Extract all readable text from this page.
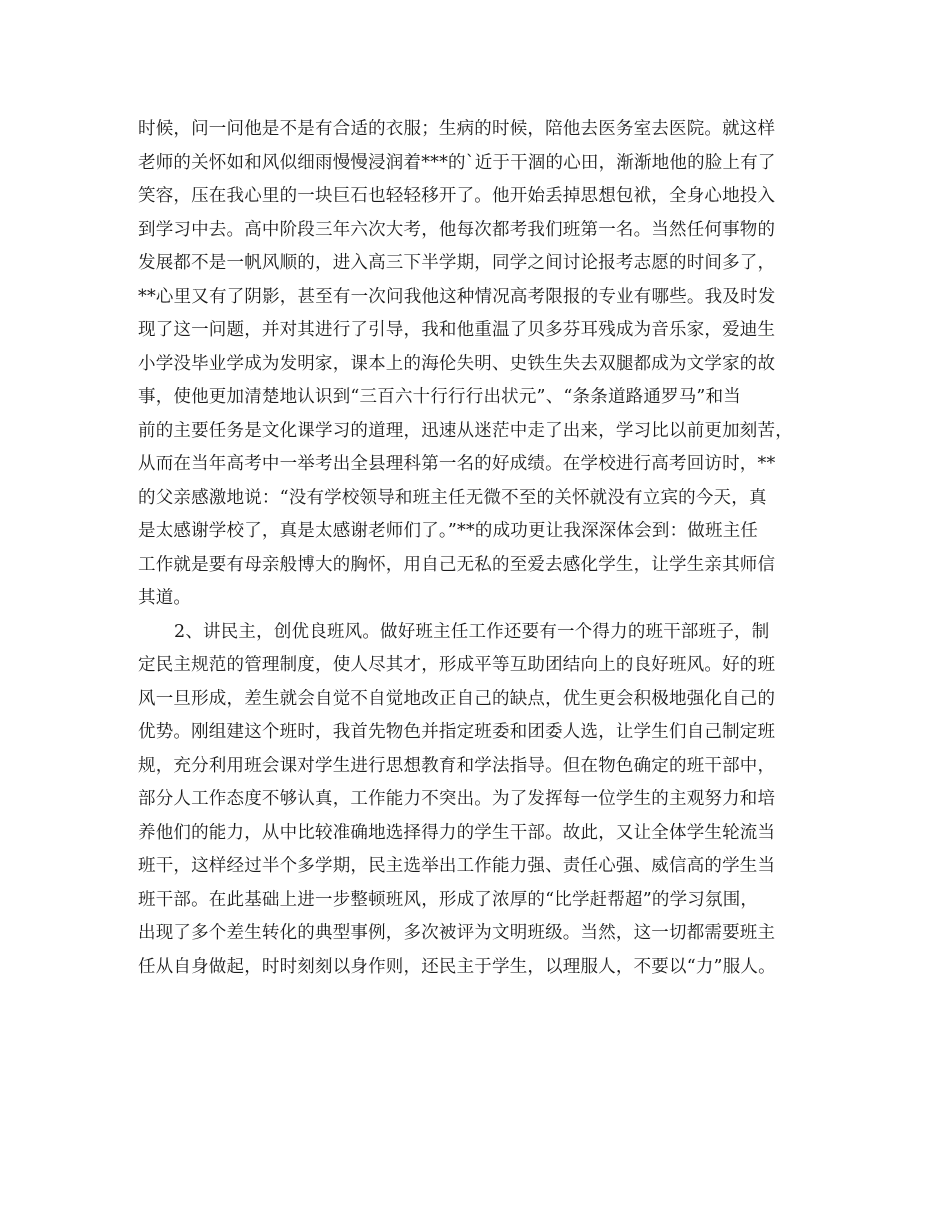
时候，问一问他是不是有合适的衣服；生病的时候，陪他去医务室去医院。就这样
老师的关怀如和风似细雨慢慢浸润着***的`近于干涸的心田，渐渐地他的脸上有了
笑容，压在我心里的一块巨石也轻轻移开了。他开始丢掉思想包袱，全身心地投入
到学习中去。高中阶段三年六次大考，他每次都考我们班第一名。当然任何事物的
发展都不是一帆风顺的，进入高三下半学期，同学之间讨论报考志愿的时间多了，
**心里又有了阴影，甚至有一次问我他这种情况高考限报的专业有哪些。我及时发
现了这一问题，并对其进行了引导，我和他重温了贝多芬耳残成为音乐家，爱迪生
小学没毕业学成为发明家，课本上的海伦失明、史铁生失去双腿都成为文学家的故
事，使他更加清楚地认识到“三百六十行行行出状元”、“条条道路通罗马”和当
前的主要任务是文化课学习的道理，迅速从迷茫中走了出来，学习比以前更加刻苦，
从而在当年高考中一举考出全县理科第一名的好成绩。在学校进行高考回访时，**
的父亲感激地说：“没有学校领导和班主任无微不至的关怀就没有立宾的今天，真
是太感谢学校了，真是太感谢老师们了。”**的成功更让我深深体会到：做班主任
工作就是要有母亲般博大的胸怀，用自己无私的至爱去感化学生，让学生亲其师信
其道。
2、讲民主，创优良班风。做好班主任工作还要有一个得力的班干部班子，制
定民主规范的管理制度，使人尽其才，形成平等互助团结向上的良好班风。好的班
风一旦形成，差生就会自觉不自觉地改正自己的缺点，优生更会积极地强化自己的
优势。刚组建这个班时，我首先物色并指定班委和团委人选，让学生们自己制定班
规，充分利用班会课对学生进行思想教育和学法指导。但在物色确定的班干部中，
部分人工作态度不够认真，工作能力不突出。为了发挥每一位学生的主观努力和培
养他们的能力，从中比较准确地选择得力的学生干部。故此，又让全体学生轮流当
班干，这样经过半个多学期，民主选举出工作能力强、责任心强、威信高的学生当
班干部。在此基础上进一步整顿班风，形成了浓厚的“比学赶帮超”的学习氛围，
出现了多个差生转化的典型事例，多次被评为文明班级。当然，这一切都需要班主
任从自身做起，时时刻刻以身作则，还民主于学生，以理服人，不要以“力”服人。
